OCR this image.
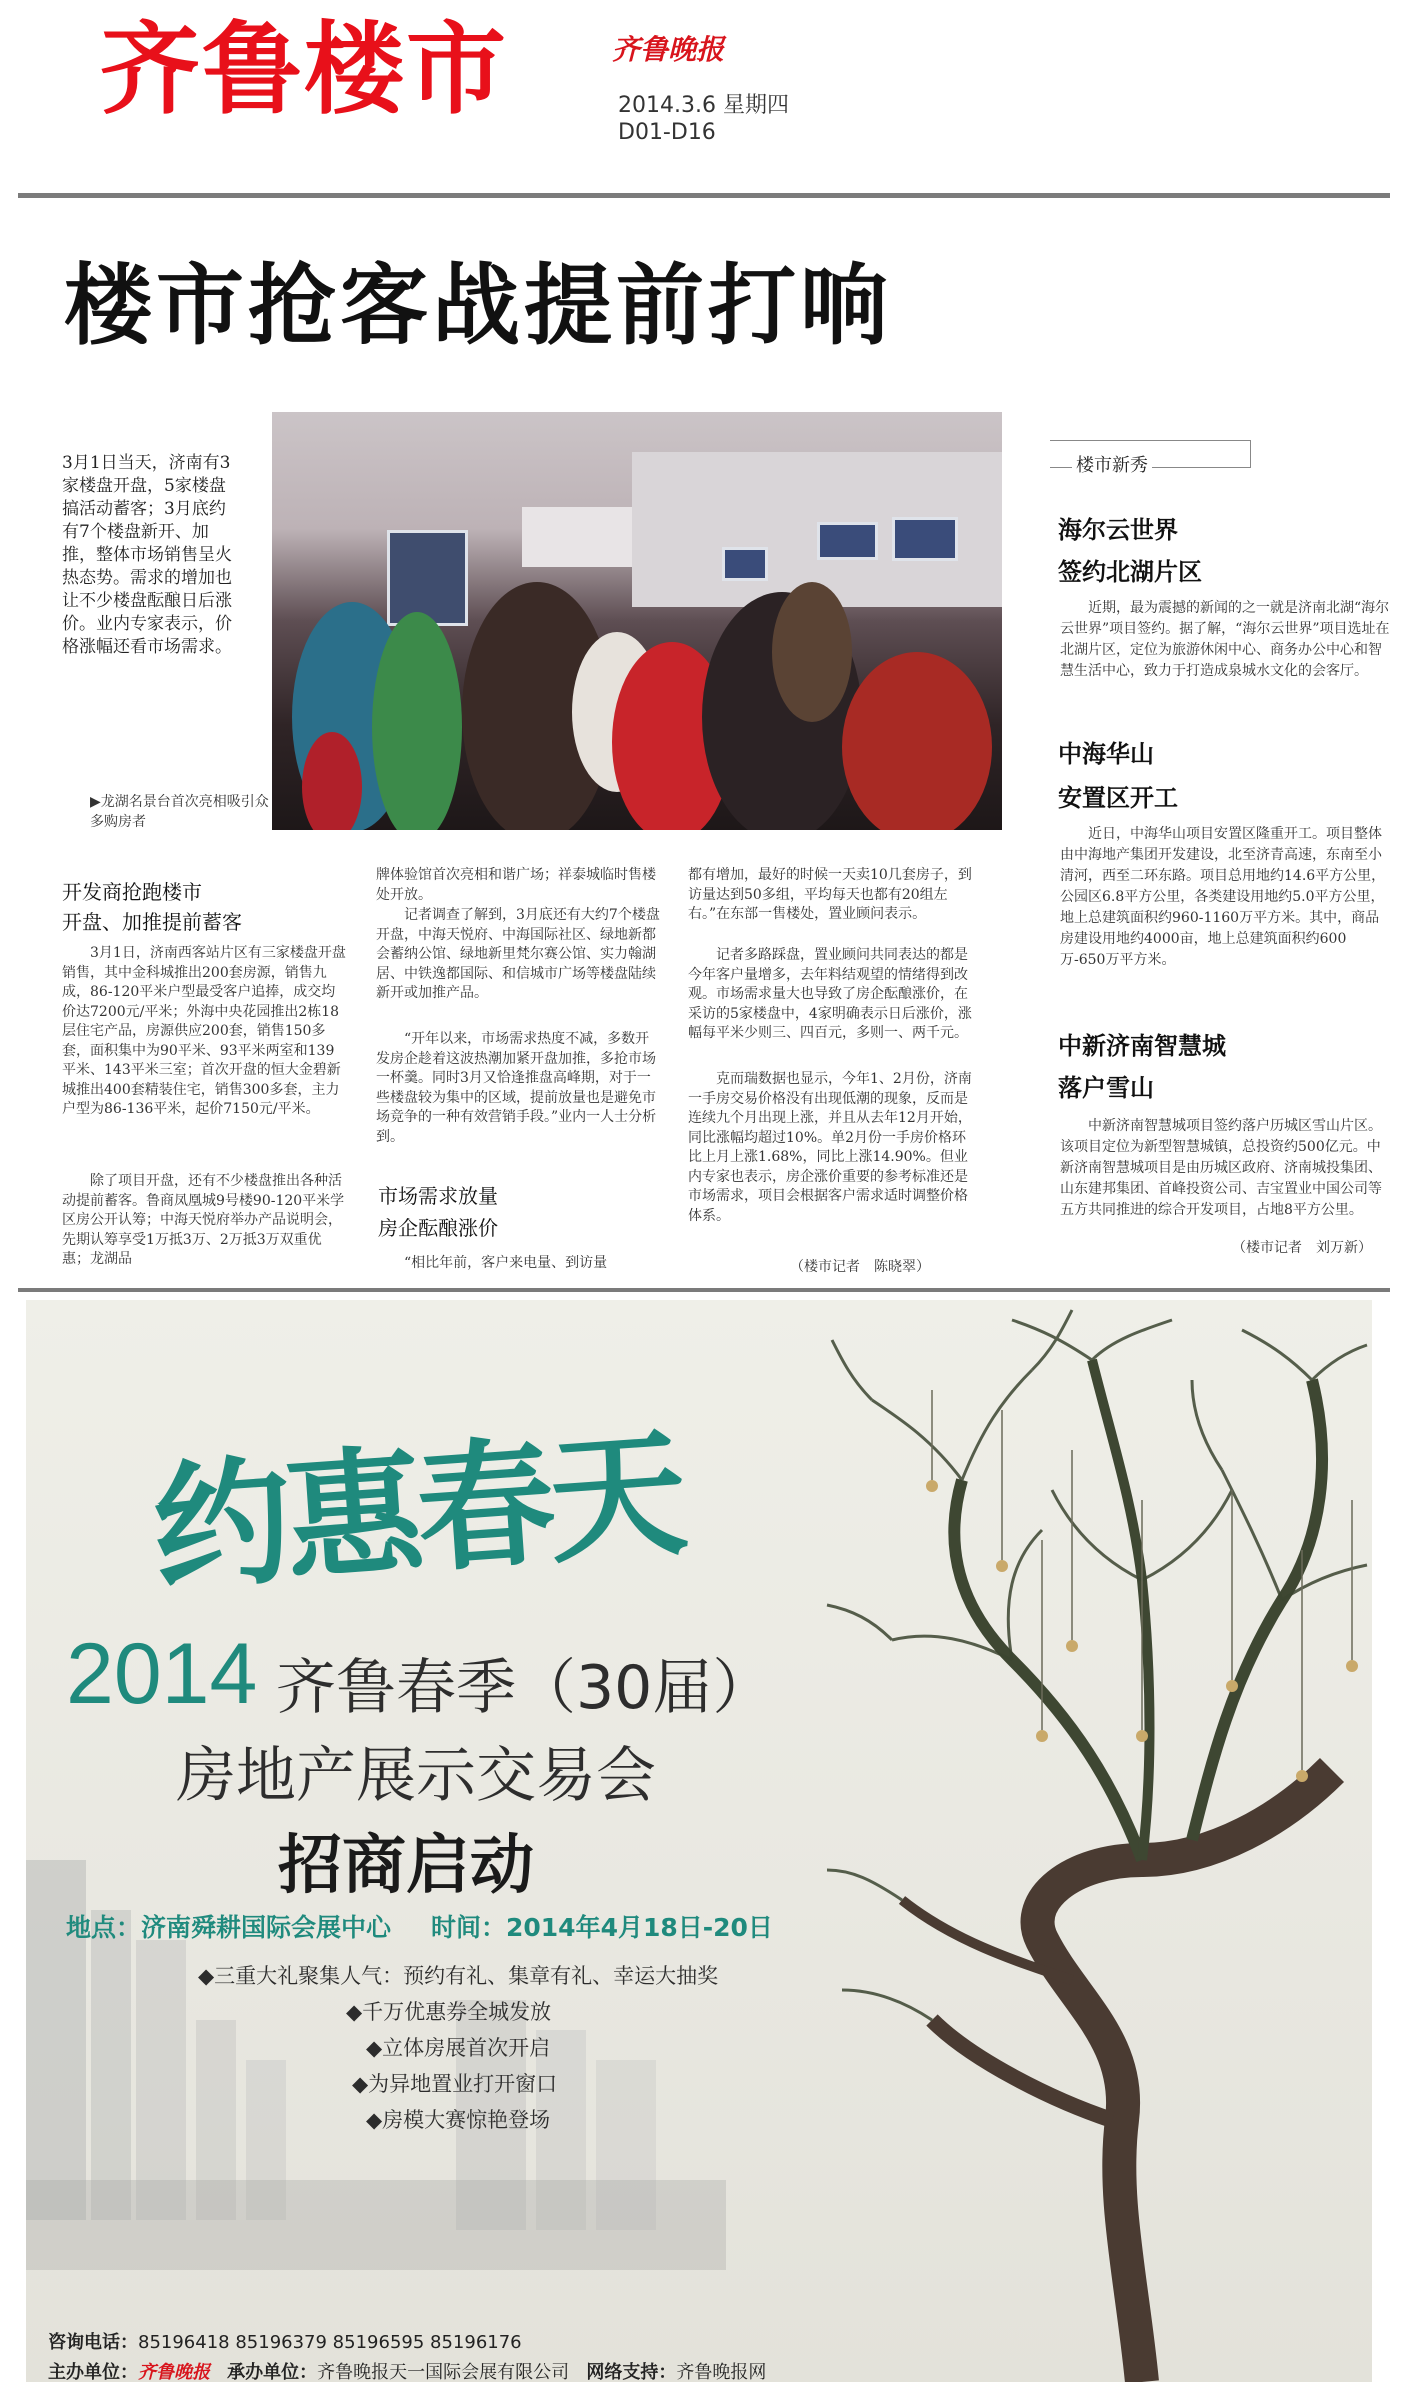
齐鲁楼市	齐鲁晚报
2014.3.6 星期四
D01-D16
楼市抢客战提前打响
3月1日当天，济南有3家楼盘开盘，5家楼盘搞活动蓄客；3月底约有7个楼盘新开、加推，整体市场销售呈火热态势。需求的增加也让不少楼盘酝酿日后涨价。业内专家表示，价格涨幅还看市场需求。
▶龙湖名景台首次亮相吸引众多购房者
开发商抢跑楼市
开盘、加推提前蓄客
3月1日，济南西客站片区有三家楼盘开盘销售，其中金科城推出200套房源，销售九成，86-120平米户型最受客户追捧，成交均价达7200元/平米；外海中央花园推出2栋18层住宅产品，房源供应200套，销售150多套，面积集中为90平米、93平米两室和139平米、143平米三室；首次开盘的恒大金碧新城推出400套精装住宅，销售300多套，主力户型为86-136平米，起价7150元/平米。
除了项目开盘，还有不少楼盘推出各种活动提前蓄客。鲁商凤凰城9号楼90-120平米学区房公开认筹；中海天悦府举办产品说明会，先期认筹享受1万抵3万、2万抵3万双重优惠；龙湖品
牌体验馆首次亮相和谐广场；祥泰城临时售楼处开放。
记者调查了解到，3月底还有大约7个楼盘开盘，中海天悦府、中海国际社区、绿地新都会蓄纳公馆、绿地新里梵尔赛公馆、实力翰湖居、中铁逸都国际、和信城市广场等楼盘陆续新开或加推产品。
“开年以来，市场需求热度不减，多数开发房企趁着这波热潮加紧开盘加推，多抢市场一杯羹。同时3月又恰逢推盘高峰期，对于一些楼盘较为集中的区域，提前放量也是避免市场竞争的一种有效营销手段。”业内一人士分析到。
市场需求放量
房企酝酿涨价
“相比年前，客户来电量、到访量
都有增加，最好的时候一天卖10几套房子，到访量达到50多组，平均每天也都有20组左右。”在东部一售楼处，置业顾问表示。
记者多路踩盘，置业顾问共同表达的都是今年客户量增多，去年料结观望的情绪得到改观。市场需求量大也导致了房企酝酿涨价，在采访的5家楼盘中，4家明确表示日后涨价，涨幅每平米少则三、四百元，多则一、两千元。
克而瑞数据也显示，今年1、2月份，济南一手房交易价格没有出现低潮的现象，反而是连续九个月出现上涨，并且从去年12月开始，同比涨幅均超过10%。单2月份一手房价格环比上月上涨1.68%，同比上涨14.90%。但业内专家也表示，房企涨价重要的参考标准还是市场需求，项目会根据客户需求适时调整价格体系。
（楼市记者　陈晓翠）
楼市新秀
海尔云世界
签约北湖片区
近期，最为震撼的新闻的之一就是济南北湖“海尔云世界”项目签约。据了解，“海尔云世界”项目选址在北湖片区，定位为旅游休闲中心、商务办公中心和智慧生活中心，致力于打造成泉城水文化的会客厅。
中海华山
安置区开工
近日，中海华山项目安置区隆重开工。项目整体由中海地产集团开发建设，北至济青高速，东南至小清河，西至二环东路。项目总用地约14.6平方公里，公园区6.8平方公里，各类建设用地约5.0平方公里，地上总建筑面积约960-1160万平方米。其中，商品房建设用地约4000亩，地上总建筑面积约600万-650万平方米。
中新济南智慧城
落户雪山
中新济南智慧城项目签约落户历城区雪山片区。该项目定位为新型智慧城镇，总投资约500亿元。中新济南智慧城项目是由历城区政府、济南城投集团、山东建邦集团、首峰投资公司、吉宝置业中国公司等五方共同推进的综合开发项目，占地8平方公里。
（楼市记者　刘万新）
约惠春天
2014 齐鲁春季（30届）
房地产展示交易会
招商启动
地点：济南舜耕国际会展中心 时间：2014年4月18日-20日
◆三重大礼聚集人气：预约有礼、集章有礼、幸运大抽奖
◆千万优惠券全城发放
◆立体房展首次开启
◆为异地置业打开窗口
◆房模大赛惊艳登场
咨询电话：85196418 85196379 85196595 85196176
主办单位：齐鲁晚报 承办单位：齐鲁晚报天一国际会展有限公司 网络支持：齐鲁晚报网
